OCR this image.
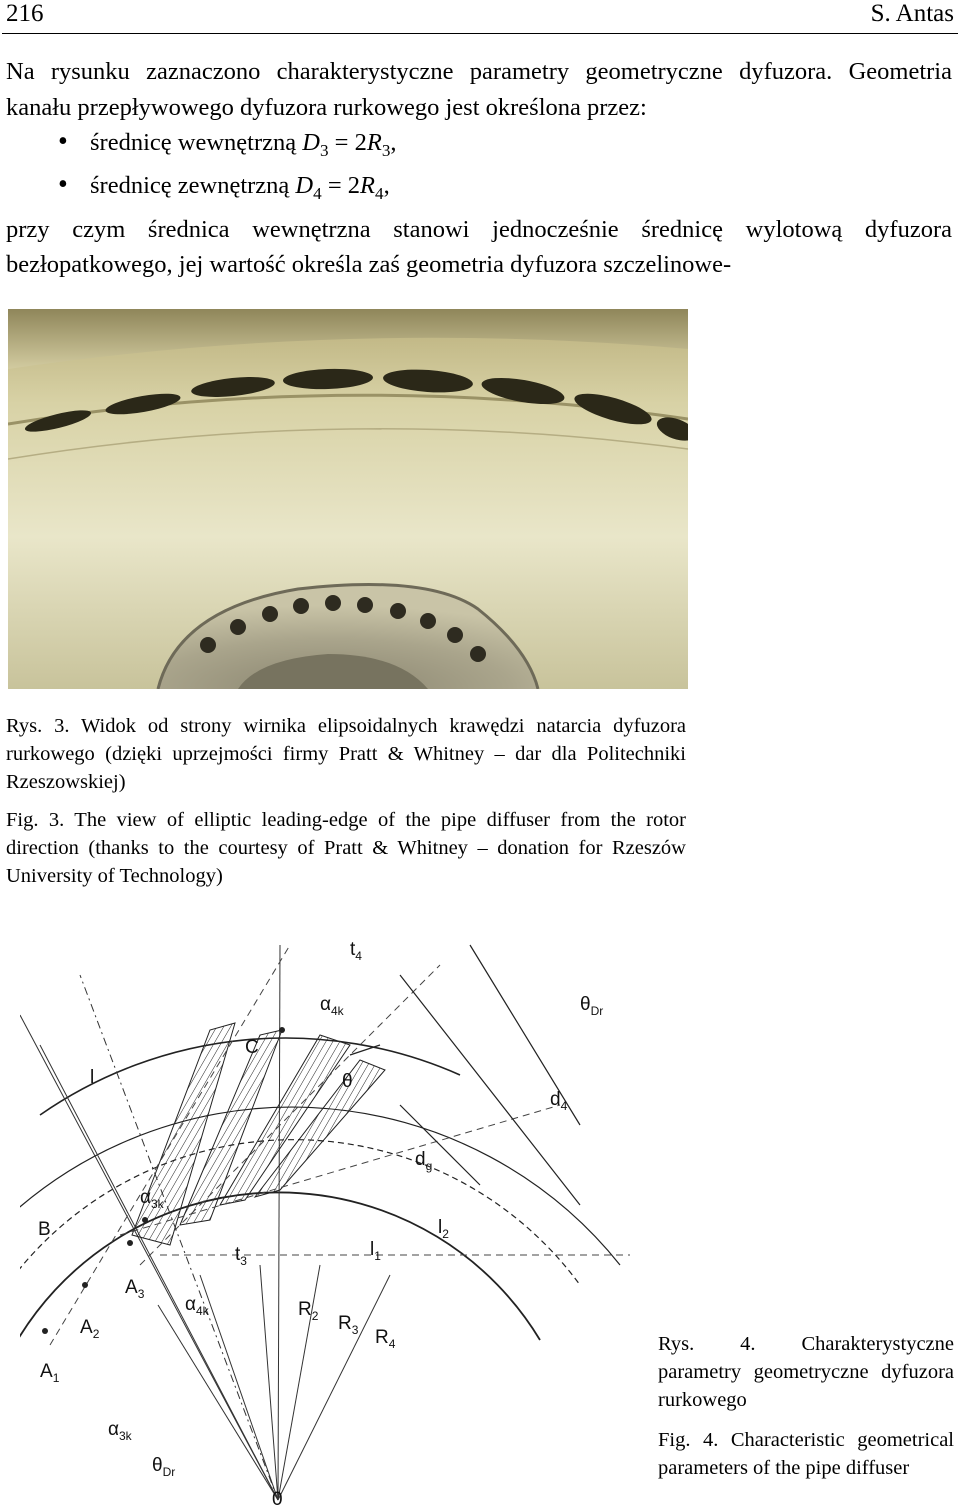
216	S. Antas
Na rysunku zaznaczono charakterystyczne parametry geometryczne dyfuzora. Geometria kanału przepływowego dyfuzora rurkowego jest określona przez:
• średnicę wewnętrzną $D_3 = 2R_3$,
• średnicę zewnętrzną $D_4 = 2R_4$,
przy czym średnica wewnętrzna stanowi jednocześnie średnicę wylotową dyfuzora bezłopatkowego, jej wartość określa zaś geometria dyfuzora szczelinowe-
Rys. 3. Widok od strony wirnika elipsoidalnych krawędzi natarcia dyfuzora rurkowego (dzięki uprzejmości firmy Pratt & Whitney – dar dla Politechniki Rzeszowskiej)
Fig. 3. The view of elliptic leading-edge of the pipe diffuser from the rotor direction (thanks to the courtesy of Pratt & Whitney – donation for Rzeszów University of Technology)
$t_4$
$\alpha_{4k}$	$\theta_{Dr}$
C
l	θ
$d_4$
$d_g$
$\alpha_{3k}$
B	$l_2$
$t_3$
$l_1$
$A_3$ $\alpha_{4k}$	$R_2$ $R_3$
$A_2$	$R_4$
$A_1$
$\alpha_{3k}$
$\theta_{Dr}$
0
Rys. 4. Charakterystyczne parametry geometryczne dyfuzora rurkowego
Fig. 4. Characteristic geometrical parameters of the pipe diffuser
